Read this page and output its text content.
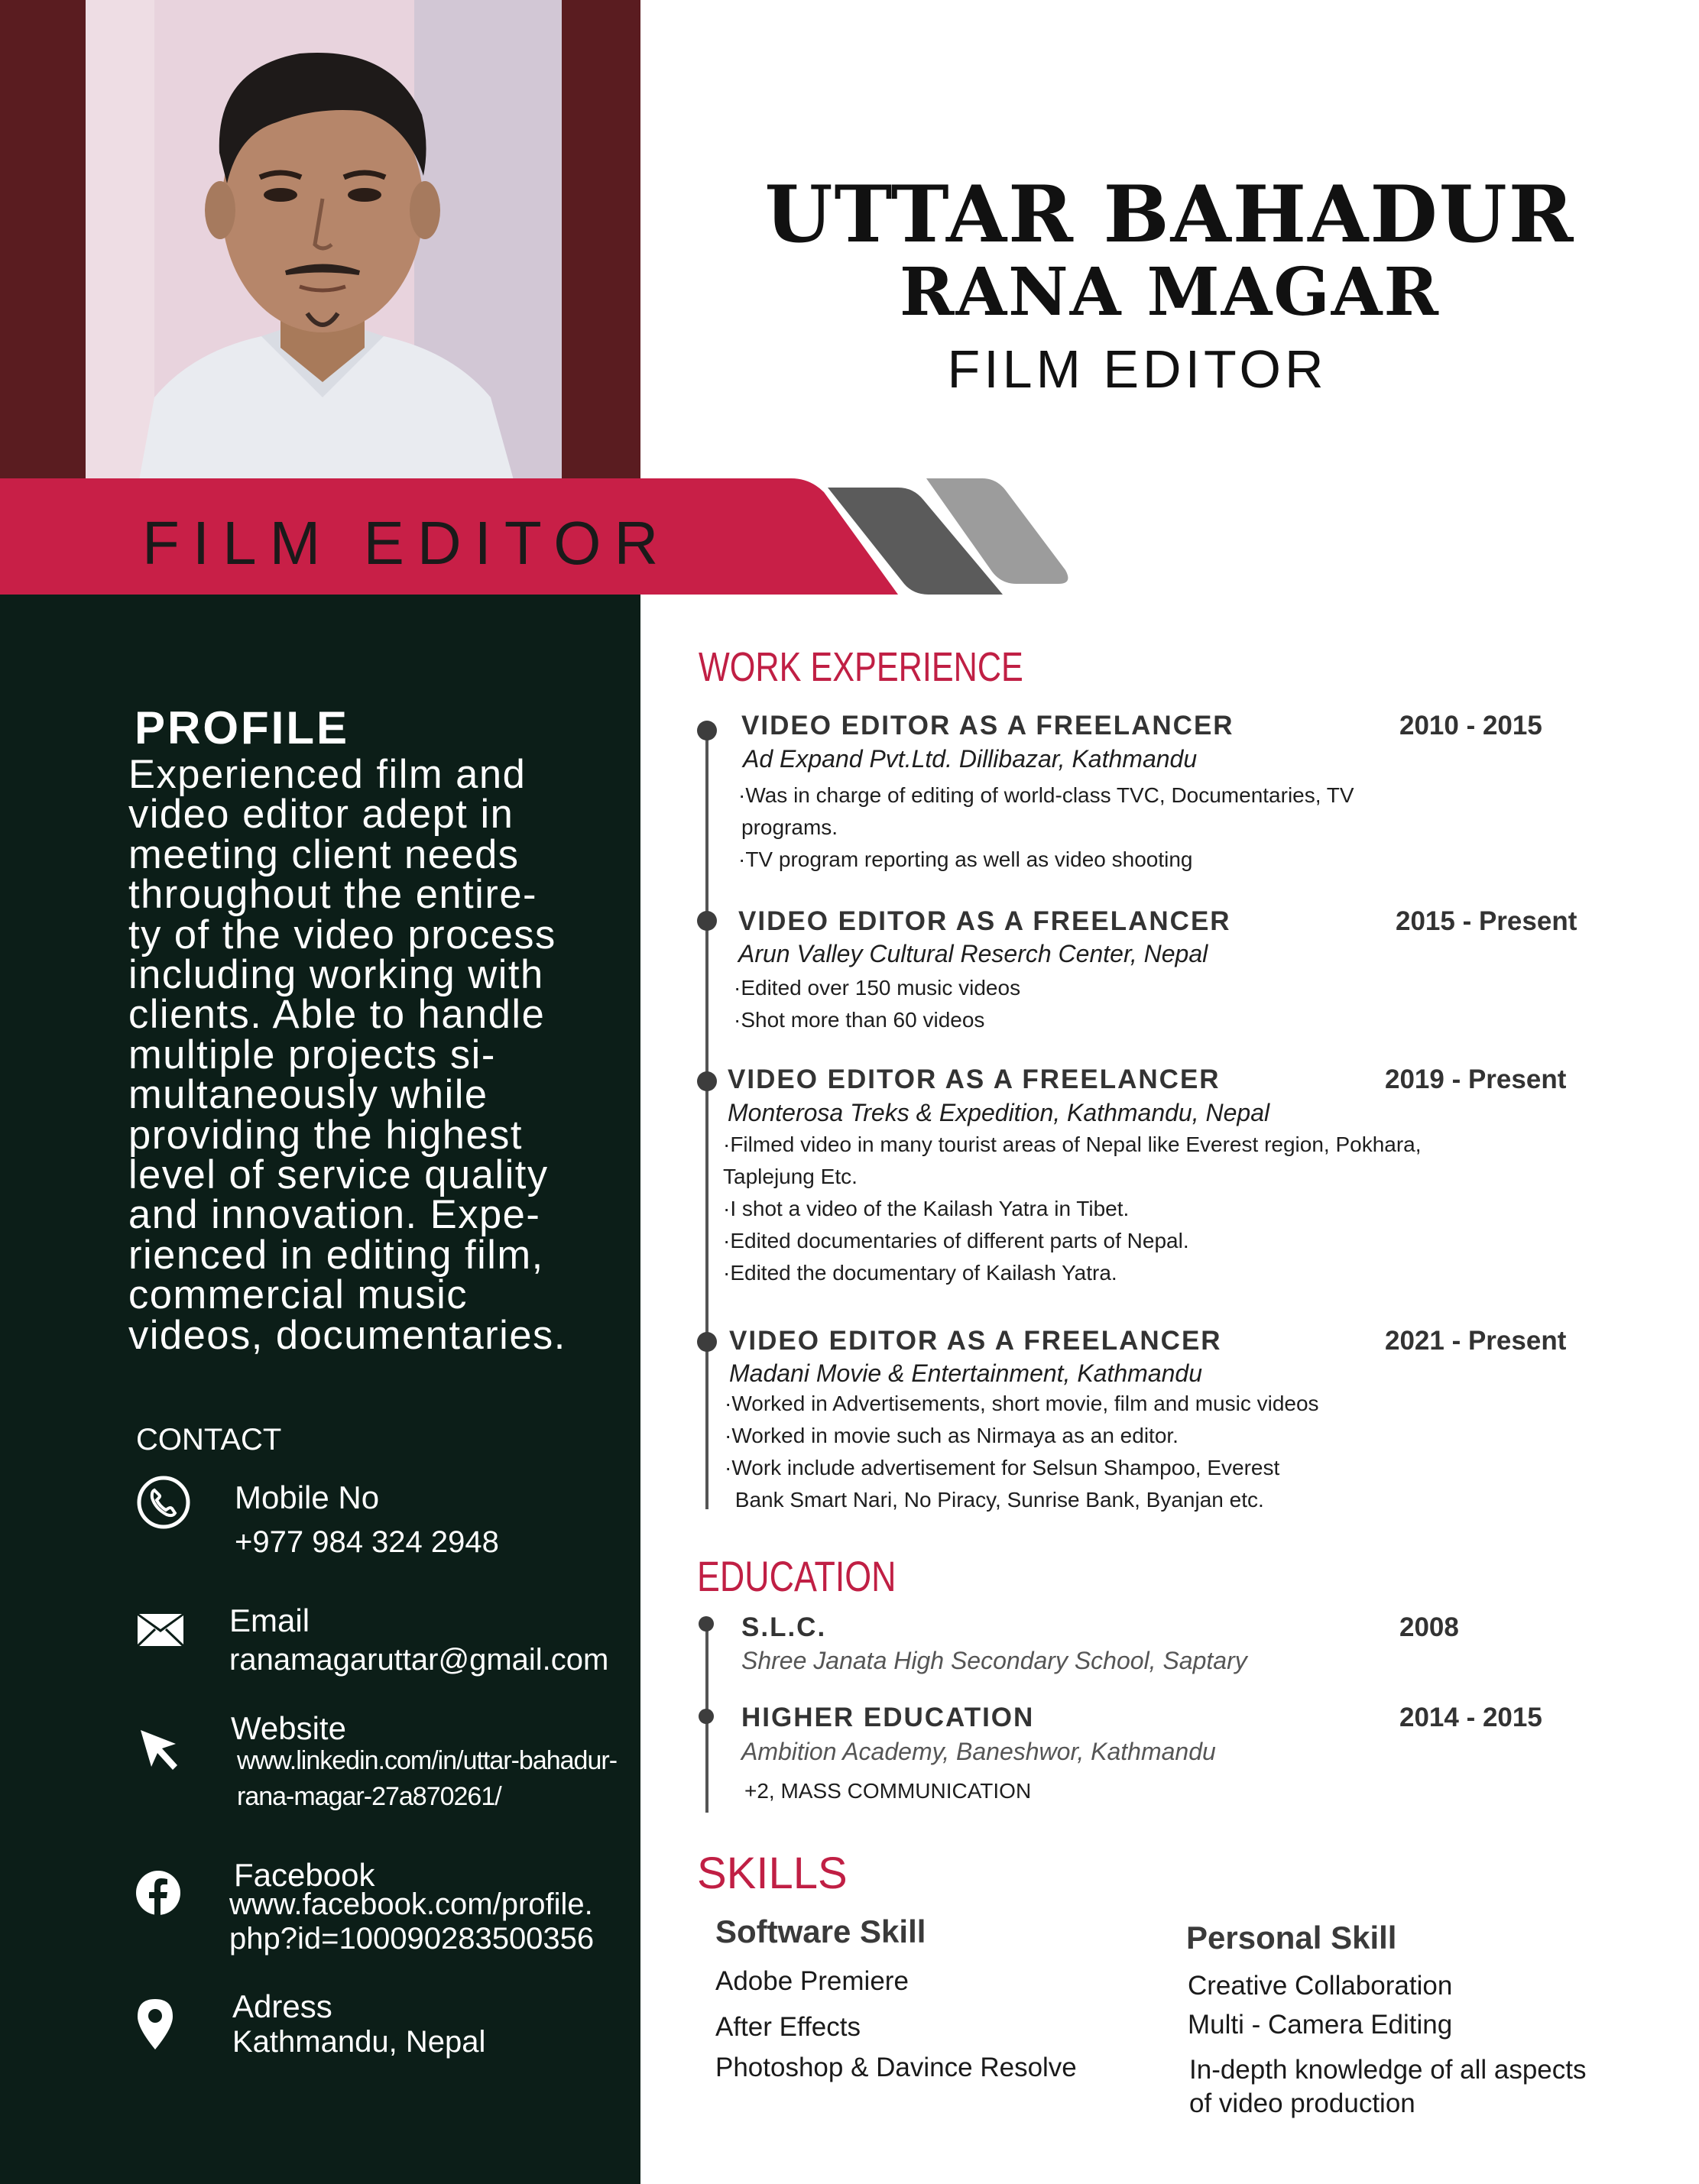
FILM EDITOR
UTTAR BAHADUR
RANA MAGAR
FILM EDITOR
PROFILE
Experienced film and
video editor adept in
meeting client needs
throughout the entire-
ty of the video process
including working with
clients. Able to handle
multiple projects si-
multaneously while
providing the highest
level of service quality
and innovation. Expe-
rienced in editing film,
commercial music
videos, documentaries.
CONTACT
Mobile No
+977 984 324 2948
Email
ranamagaruttar@gmail.com
Website
www.linkedin.com/in/uttar-bahadur-
rana-magar-27a870261/
Facebook
www.facebook.com/profile.
php?id=100090283500356
Adress
Kathmandu, Nepal
WORK EXPERIENCE
VIDEO EDITOR AS A FREELANCER	2010 - 2015
Ad Expand Pvt.Ltd. Dillibazar, Kathmandu
·Was in charge of editing of world-class TVC, Documentaries, TV
programs.
·TV program reporting as well as video shooting
VIDEO EDITOR AS A FREELANCER	2015 - Present
Arun Valley Cultural Reserch Center, Nepal
·Edited over 150 music videos
·Shot more than 60 videos
VIDEO EDITOR AS A FREELANCER	2019 - Present
Monterosa Treks & Expedition, Kathmandu, Nepal
·Filmed video in many tourist areas of Nepal like Everest region, Pokhara,
Taplejung Etc.
·I shot a video of the Kailash Yatra in Tibet.
·Edited documentaries of different parts of Nepal.
·Edited the documentary of Kailash Yatra.
VIDEO EDITOR AS A FREELANCER	2021 - Present
Madani Movie & Entertainment, Kathmandu
·Worked in Advertisements, short movie, film and music videos
·Worked in movie such as Nirmaya as an editor.
·Work include advertisement for Selsun Shampoo, Everest
Bank Smart Nari, No Piracy, Sunrise Bank, Byanjan etc.
EDUCATION
S.L.C.	2008
Shree Janata High Secondary School, Saptary
HIGHER EDUCATION	2014 - 2015
Ambition Academy, Baneshwor, Kathmandu
+2, MASS COMMUNICATION
SKILLS
Software Skill
Adobe Premiere
After Effects
Photoshop & Davince Resolve
Personal Skill
Creative Collaboration
Multi - Camera Editing
In-depth knowledge of all aspects
of video production
